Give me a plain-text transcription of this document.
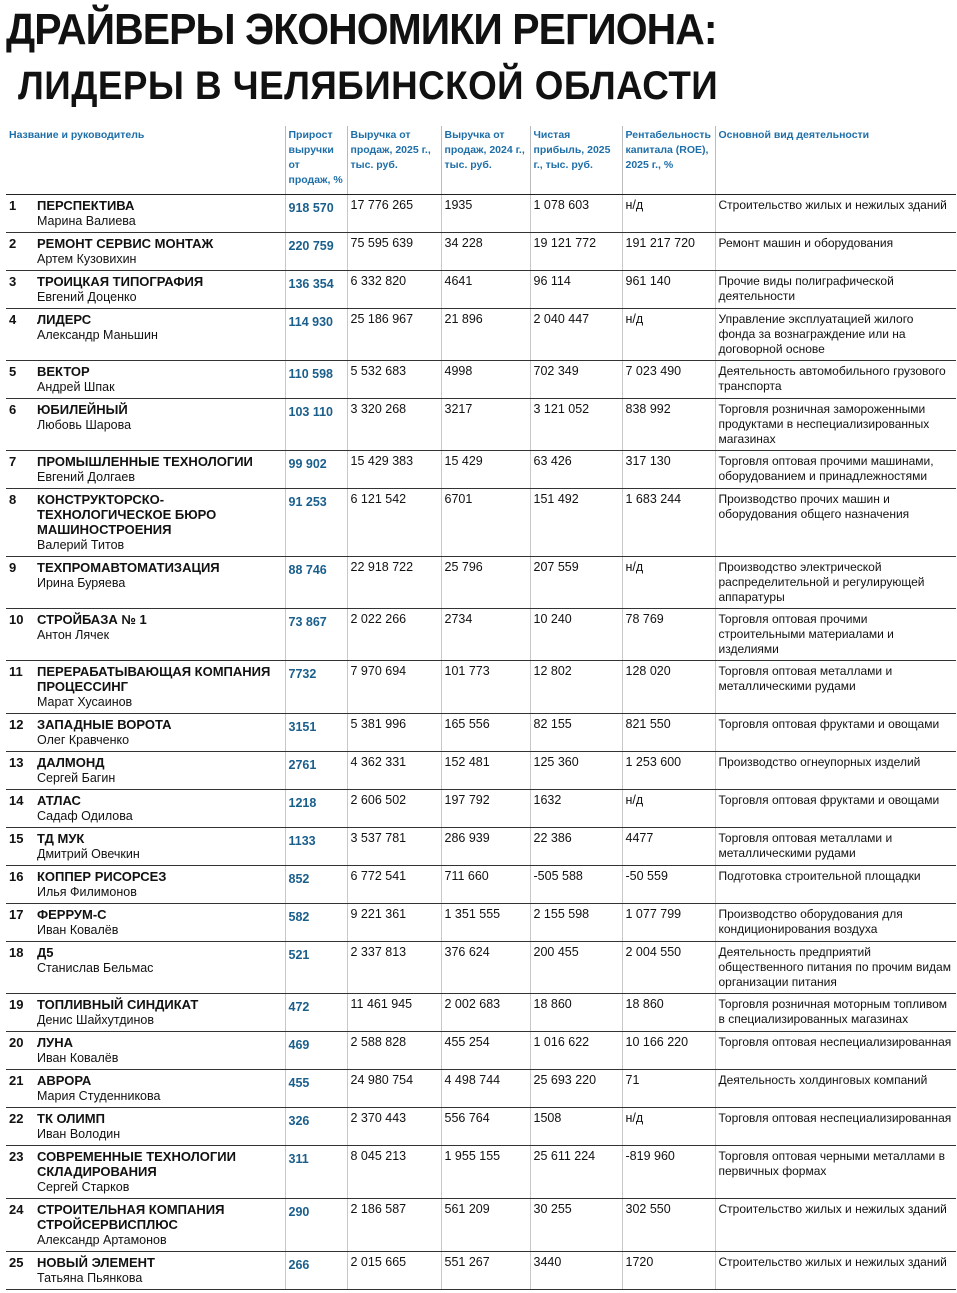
ДРАЙВЕРЫ ЭКОНОМИКИ РЕГИОНА:
ЛИДЕРЫ В ЧЕЛЯБИНСКОЙ ОБЛАСТИ
Название и руководитель	Прирост выручки от продаж, %	Выручка от продаж, 2025 г., тыс. руб.	Выручка от продаж, 2024 г., тыс. руб.	Чистая прибыль, 2025 г., тыс. руб.	Рентабельность капитала (ROE), 2025 г., %	Основной вид деятельности

1 ПЕРСПЕКТИВА
Марина Валиева	918 570	17 776 265	1935	1 078 603	н/д	Строительство жилых и нежилых зданий

2 РЕМОНТ СЕРВИС МОНТАЖ
Артем Кузовихин	220 759	75 595 639	34 228	19 121 772	191 217 720	Ремонт машин и оборудования

3 ТРОИЦКАЯ ТИПОГРАФИЯ
Евгений Доценко	136 354	6 332 820	4641	96 114	961 140	Прочие виды полиграфической деятельности

4 ЛИДЕРС
Александр Маньшин	114 930	25 186 967	21 896	2 040 447	н/д	Управление эксплуатацией жилого фонда за вознаграждение или на договорной основе

5 ВЕКТОР
Андрей Шпак	110 598	5 532 683	4998	702 349	7 023 490	Деятельность автомобильного грузового транспорта

6 ЮБИЛЕЙНЫЙ
Любовь Шарова	103 110	3 320 268	3217	3 121 052	838 992	Торговля розничная замороженными продуктами в неспециализированных магазинах

7 ПРОМЫШЛЕННЫЕ ТЕХНОЛОГИИ
Евгений Долгаев	99 902	15 429 383	15 429	63 426	317 130	Торговля оптовая прочими машинами, оборудованием и принадлежностями

8 КОНСТРУКТОРСКО-ТЕХНОЛОГИЧЕСКОЕ БЮРО МАШИНОСТРОЕНИЯ
Валерий Титов	91 253	6 121 542	6701	151 492	1 683 244	Производство прочих машин и оборудования общего назначения

9 ТЕХПРОМАВТОМАТИЗАЦИЯ
Ирина Буряева	88 746	22 918 722	25 796	207 559	н/д	Производство электрической распределительной и регулирующей аппаратуры

10 СТРОЙБАЗА № 1
Антон Лячек	73 867	2 022 266	2734	10 240	78 769	Торговля оптовая прочими строительными материалами и изделиями

11 ПЕРЕРАБАТЫВАЮЩАЯ КОМПАНИЯ ПРОЦЕССИНГ
Марат Хусаинов	7732	7 970 694	101 773	12 802	128 020	Торговля оптовая металлами и металлическими рудами

12 ЗАПАДНЫЕ ВОРОТА
Олег Кравченко	3151	5 381 996	165 556	82 155	821 550	Торговля оптовая фруктами и овощами

13 ДАЛМОНД
Сергей Багин	2761	4 362 331	152 481	125 360	1 253 600	Производство огнеупорных изделий

14 АТЛАС
Садаф Одилова	1218	2 606 502	197 792	1632	н/д	Торговля оптовая фруктами и овощами

15 ТД МУК
Дмитрий Овечкин	1133	3 537 781	286 939	22 386	4477	Торговля оптовая металлами и металлическими рудами

16 КОППЕР РИСОРСЕЗ
Илья Филимонов	852	6 772 541	711 660	-505 588	-50 559	Подготовка строительной площадки

17 ФЕРРУМ-С
Иван Ковалёв	582	9 221 361	1 351 555	2 155 598	1 077 799	Производство оборудования для кондиционирования воздуха

18 Д5
Станислав Бельмас	521	2 337 813	376 624	200 455	2 004 550	Деятельность предприятий общественного питания по прочим видам организации питания

19 ТОПЛИВНЫЙ СИНДИКАТ
Денис Шайхутдинов	472	11 461 945	2 002 683	18 860	18 860	Торговля розничная моторным топливом в специализированных магазинах

20 ЛУНА
Иван Ковалёв	469	2 588 828	455 254	1 016 622	10 166 220	Торговля оптовая неспециализированная

21 АВРОРА
Мария Студенникова	455	24 980 754	4 498 744	25 693 220	71	Деятельность холдинговых компаний

22 ТК ОЛИМП
Иван Володин	326	2 370 443	556 764	1508	н/д	Торговля оптовая неспециализированная

23 СОВРЕМЕННЫЕ ТЕХНОЛОГИИ СКЛАДИРОВАНИЯ
Сергей Старков	311	8 045 213	1 955 155	25 611 224	-819 960	Торговля оптовая черными металлами в первичных формах

24 СТРОИТЕЛЬНАЯ КОМПАНИЯ СТРОЙСЕРВИСПЛЮС
Александр Артамонов	290	2 186 587	561 209	30 255	302 550	Строительство жилых и нежилых зданий

25 НОВЫЙ ЭЛЕМЕНТ
Татьяна Пьянкова	266	2 015 665	551 267	3440	1720	Строительство жилых и нежилых зданий
